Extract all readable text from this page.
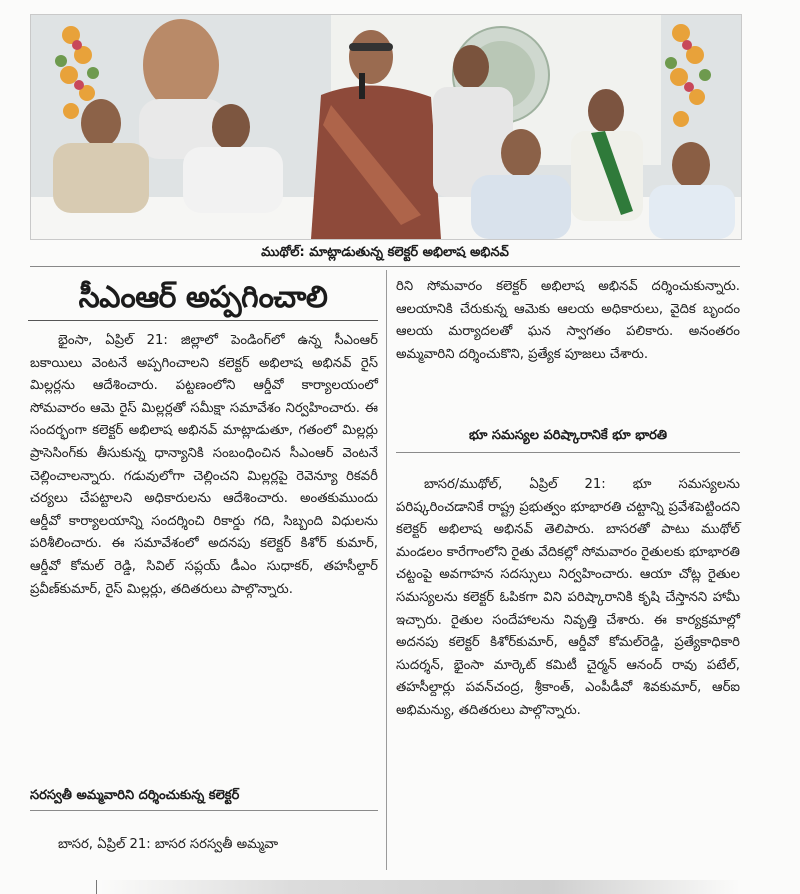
ముథోల్: మాట్లాడుతున్న కలెక్టర్ అభిలాష అభినవ్
సీఎంఆర్ అప్పగించాలి
భైంసా, ఏప్రిల్ 21: జిల్లాలో పెండింగ్‌లో ఉన్న సీఎంఆర్ బకాయిలు వెంటనే అప్పగించాలని కలెక్టర్ అభిలాష అభినవ్ రైస్ మిల్లర్లను ఆదేశించారు. పట్టణంలోని ఆర్డీవో కార్యాలయంలో సోమవారం ఆమె రైస్ మిల్లర్లతో సమీక్షా సమావేశం నిర్వహించారు. ఈ సందర్భంగా కలెక్టర్ అభిలాష అభినవ్ మాట్లాడుతూ, గతంలో మిల్లర్లు ప్రాసెసింగ్‌కు తీసుకున్న ధాన్యానికి సంబంధించిన సీఎంఆర్ వెంటనే చెల్లించాలన్నారు. గడువులోగా చెల్లించని మిల్లర్లపై రెవెన్యూ రికవరీ చర్యలు చేపట్టాలని అధికారులను ఆదేశించారు. అంతకుముందు ఆర్డీవో కార్యాలయాన్ని సందర్శించి రికార్డు గది, సిబ్బంది విధులను పరిశీలించారు. ఈ సమావేశంలో అదనపు కలెక్టర్ కిశోర్ కుమార్, ఆర్డీవో కోమల్ రెడ్డి, సివిల్ సప్లయ్ డీఎం సుధాకర్, తహసీల్దార్ ప్రవీణ్‌కుమార్, రైస్ మిల్లర్లు, తదితరులు పాల్గొన్నారు.
సరస్వతీ అమ్మవారిని దర్శించుకున్న కలెక్టర్
బాసర, ఏప్రిల్ 21: బాసర సరస్వతీ అమ్మవా
రిని సోమవారం కలెక్టర్ అభిలాష అభినవ్ దర్శించుకున్నారు. ఆలయానికి చేరుకున్న ఆమెకు ఆలయ అధికారులు, వైదిక బృందం ఆలయ మర్యాదలతో ఘన స్వాగతం పలికారు. అనంతరం అమ్మవారిని దర్శించుకొని, ప్రత్యేక పూజలు చేశారు.
భూ సమస్యల పరిష్కారానికే భూ భారతి
బాసర/ముథోల్, ఏప్రిల్ 21: భూ సమస్యలను పరిష్కరించడానికే రాష్ట్ర ప్రభుత్వం భూభారతి చట్టాన్ని ప్రవేశపెట్టిందని కలెక్టర్ అభిలాష అభినవ్ తెలిపారు. బాసరతో పాటు ముథోల్ మండలం కారేగాంలోని రైతు వేదికల్లో సోమవారం రైతులకు భూభారతి చట్టంపై అవగాహన సదస్సులు నిర్వహించారు. ఆయా చోట్ల రైతుల సమస్యలను కలెక్టర్ ఓపికగా విని పరిష్కారానికి కృషి చేస్తానని హామీ ఇచ్చారు. రైతుల సందేహాలను నివృత్తి చేశారు. ఈ కార్యక్రమాల్లో అదనపు కలెక్టర్ కిశోర్‌కుమార్, ఆర్డీవో కోమల్‌రెడ్డి, ప్రత్యేకాధికారి సుదర్శన్, భైంసా మార్కెట్ కమిటీ చైర్మన్ ఆనంద్ రావు పటేల్, తహసీల్దార్లు పవన్‌చంద్ర, శ్రీకాంత్, ఎంపీడీవో శివకుమార్, ఆర్ఐ అభిమన్యు, తదితరులు పాల్గొన్నారు.
